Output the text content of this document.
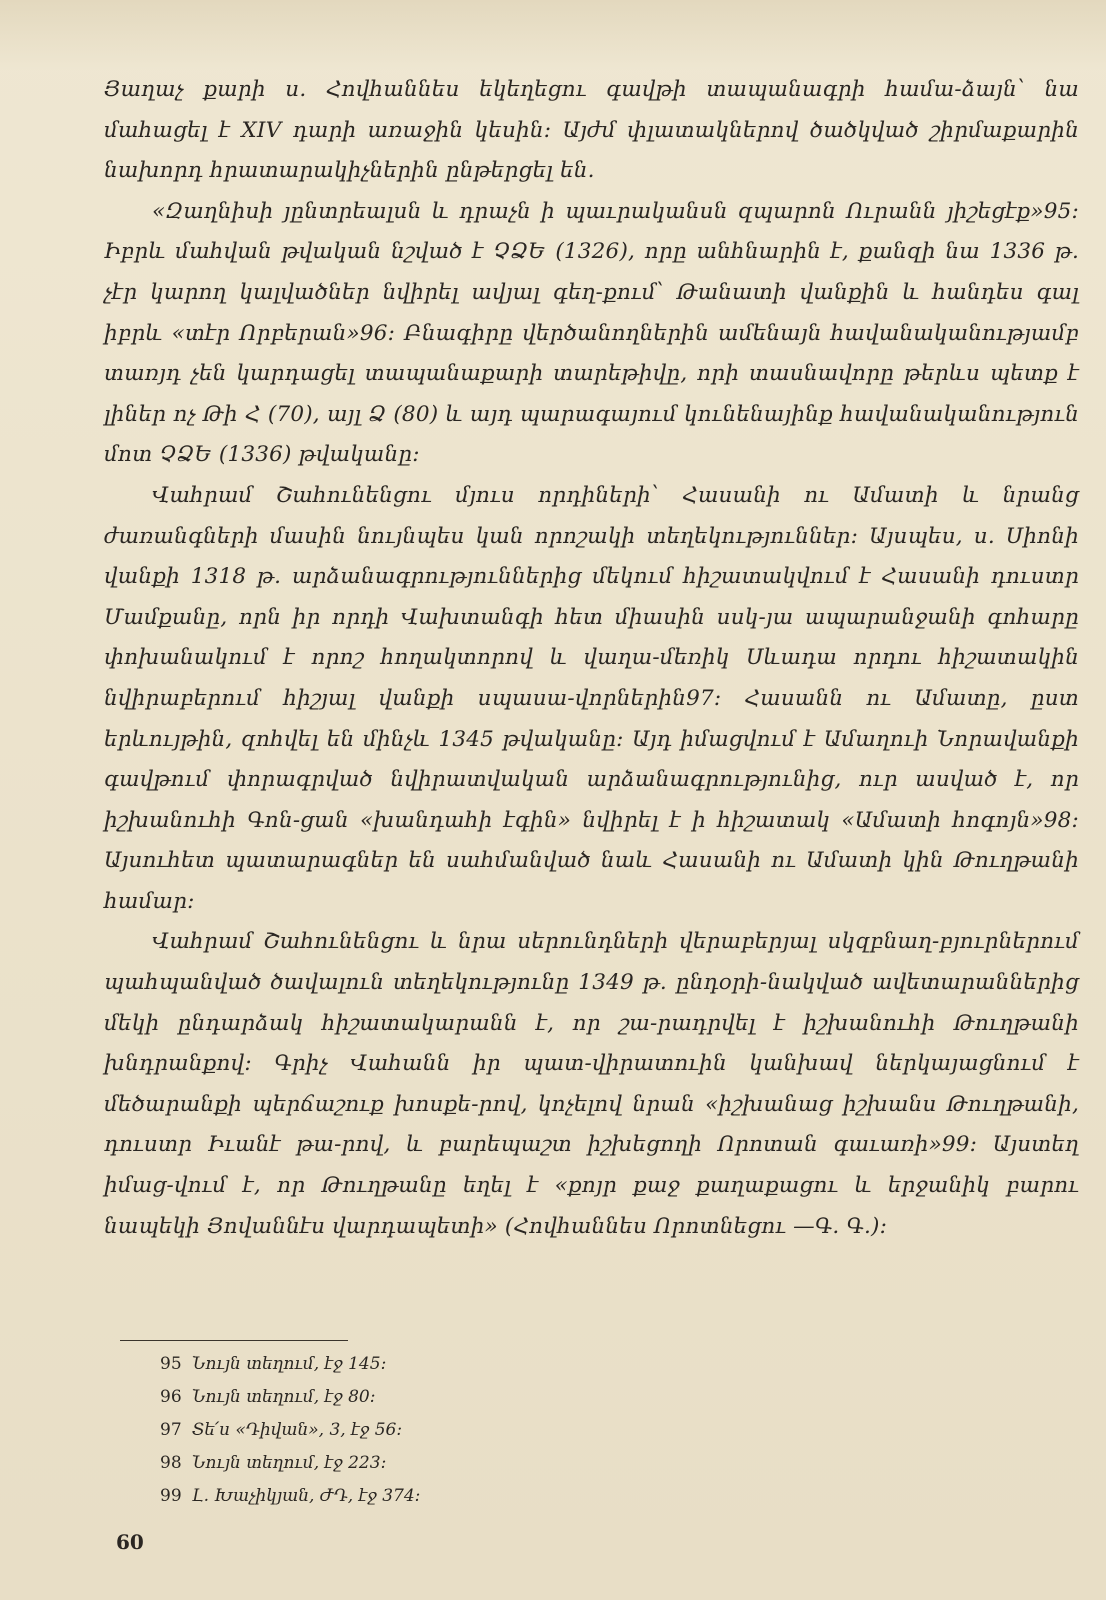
Յաղաչ քարի ս. Հովհաննես եկեղեցու գավթի տապանագրի համա-ձայն՝ նա մահացել է XIV դարի առաջին կեսին։ Այժմ փլատակներով ծածկված շիրմաքարին նախորդ հրատարակիչներին ընթերցել են.

«Զաղնիսի յընտրեալսն և դրաչն ի պաւրականսն զպարոն Ուրանն յիշեցէք»95։ Իբրև մահվան թվական նշված է ՉՁԵ (1326), որը անհնարին է, քանզի նա 1336 թ. չէր կարող կալվածներ նվիրել ավյալ գեղ-քում՝ Թանատի վանքին և հանդես գալ իբրև «տէր Որբերան»96։ Բնագիրը վերծանողներին ամենայն հավանականությամբ տառյդ չեն կարդացել տապանաքարի տարեթիվը, որի տասնավորը թերևս պետք է լիներ ոչ Թի Հ (70), այլ Ձ (80) և այդ պարագայում կունենայինք հավանականություն մոտ ՉՁԵ (1336) թվականը։

Վահրամ Շահունենցու մյուս որդիների՝ Հասանի ու Ամատի և նրանց ժառանգների մասին նույնպես կան որոշակի տեղեկություններ։ Այսպես, ս. Սիոնի վանքի 1318 թ. արձանագրություններից մեկում հիշատակվում է Հասանի դուստր Մամքանը, որն իր որդի Վախտանգի հետ միասին սսկ-յա ապարանջանի գոհարը փոխանակում է որոշ հողակտորով և վաղա-մեռիկ Սևադա որդու հիշատակին նվիրաբերում հիշյալ վանքի սպասա-վորներին97։ Հասանն ու Ամատը, ըստ երևույթին, զոհվել են մինչև 1345 թվականը։ Այդ իմացվում է Ամաղուի Նորավանքի գավթում փորագրված նվիրատվական արձանագրությունից, ուր ասված է, որ իշխանուհի Գոն-ցան «խանդահի էգին» նվիրել է ի հիշատակ «Ամատի հոգոյն»98։ Այսուհետ պատարագներ են սահմանված նաև Հասանի ու Ամատի կին Թուղթանի համար։

Վահրամ Շահունենցու և նրա սերունդների վերաբերյալ սկզբնաղ-բյուրներում պահպանված ծավալուն տեղեկությունը 1349 թ. ընդօրի-նակված ավետարաններից մեկի ընդարձակ հիշատակարանն է, որ շա-րադրվել է իշխանուհի Թուղթանի խնդրանքով։ Գրիչ Վահանն իր պատ-վիրատուին կանխավ ներկայացնում է մեծարանքի պերճաշուք խոսքե-րով, կոչելով նրան «իշխանաց իշխանս Թուղթանի, դուստր Իւանէ թա-րով, և բարեպաշտ իշխեցողի Որոտան գաւառի»99։ Այստեղ իմաց-վում է, որ Թուղթանը եղել է «քոյր քաջ քաղաքացու և երջանիկ բարու նապեկի Յովաննէս վարդապետի» (Հովհաննես Որոտնեցու —Գ. Գ.)։

95 Նույն տեղում, էջ 145։
96 Նույն տեղում, էջ 80։
97 Տե՛ս «Դիվան», 3, էջ 56։
98 Նույն տեղում, էջ 223։
99 Լ. Խաչիկյան, ԺԴ, էջ 374։
60
